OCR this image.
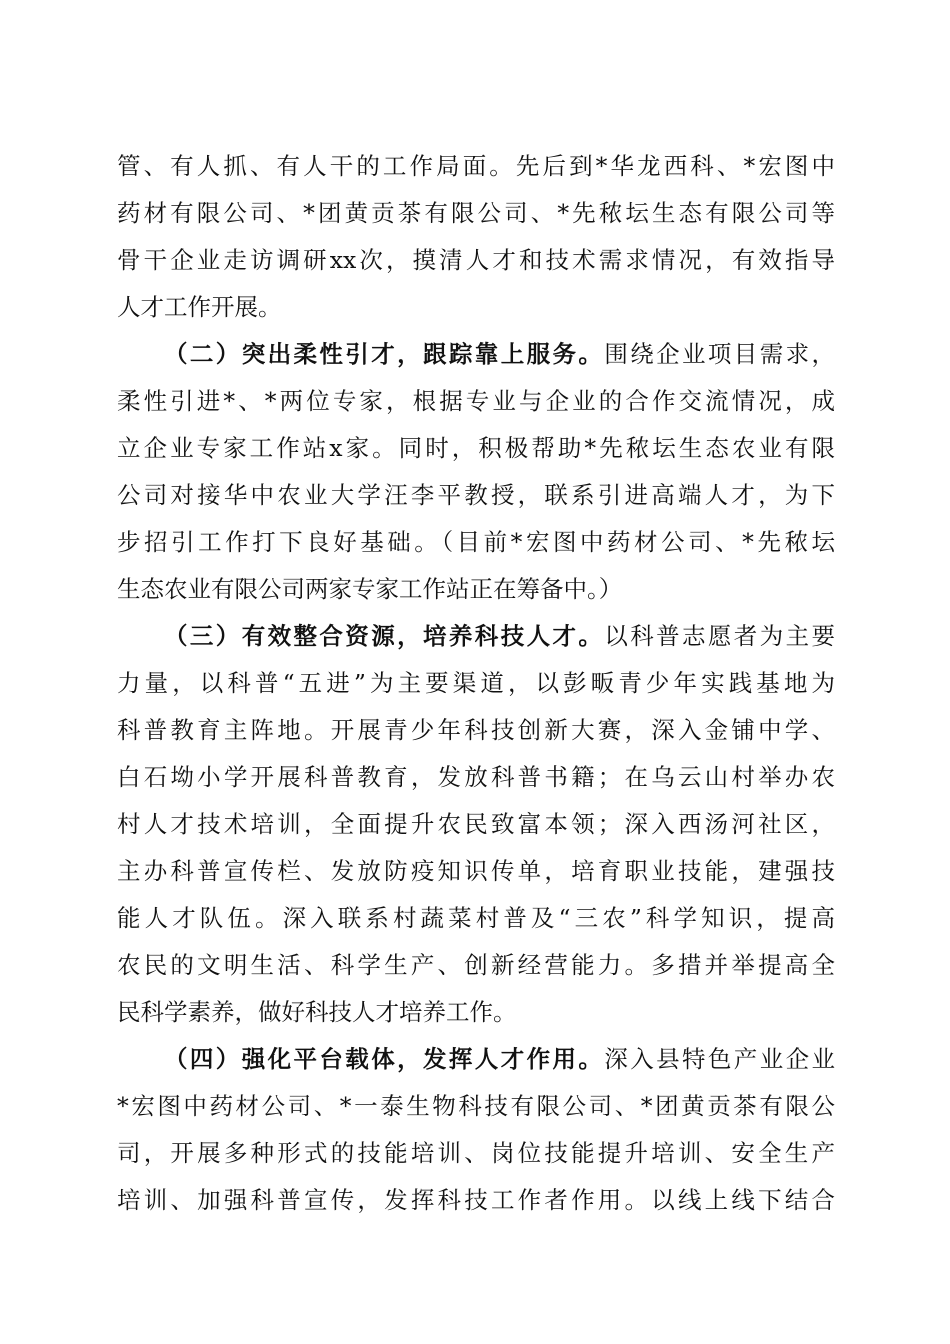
管、有人抓、有人干的工作局面。先后到*华龙西科、*宏图中
药材有限公司、*团黄贡茶有限公司、*先秾坛生态有限公司等
骨干企业走访调研xx次，摸清人才和技术需求情况，有效指导
人才工作开展。
（二）突出柔性引才，跟踪靠上服务。围绕企业项目需求，
柔性引进*、*两位专家，根据专业与企业的合作交流情况，成
立企业专家工作站x家。同时，积极帮助*先秾坛生态农业有限
公司对接华中农业大学汪李平教授，联系引进高端人才，为下
步招引工作打下良好基础。（目前*宏图中药材公司、*先秾坛
生态农业有限公司两家专家工作站正在筹备中。）
（三）有效整合资源，培养科技人才。以科普志愿者为主要
力量，以科普“五进”为主要渠道，以彭畈青少年实践基地为
科普教育主阵地。开展青少年科技创新大赛，深入金铺中学、
白石坳小学开展科普教育，发放科普书籍；在乌云山村举办农
村人才技术培训，全面提升农民致富本领；深入西汤河社区，
主办科普宣传栏、发放防疫知识传单，培育职业技能，建强技
能人才队伍。深入联系村蔬菜村普及“三农”科学知识，提高
农民的文明生活、科学生产、创新经营能力。多措并举提高全
民科学素养，做好科技人才培养工作。
（四）强化平台载体，发挥人才作用。深入县特色产业企业
*宏图中药材公司、*一泰生物科技有限公司、*团黄贡茶有限公
司，开展多种形式的技能培训、岗位技能提升培训、安全生产
培训、加强科普宣传，发挥科技工作者作用。以线上线下结合
